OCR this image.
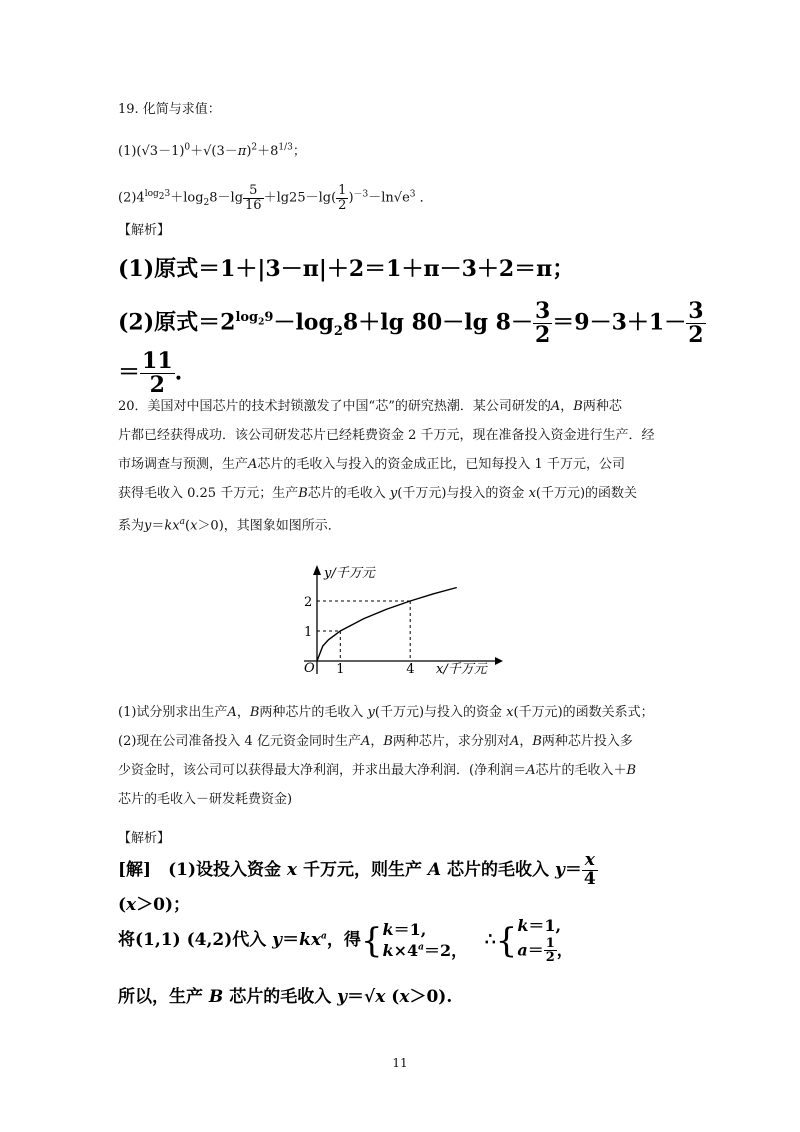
19. 化简与求值：
$(1)(√3-1)^0+√(3-\pi)^2+8^{1/3}$；
$(2)4^{log_23}+\log_28-\lg \frac{5}{16} +\lg 25-\lg( \frac{1}{2} )^{-3}-\ln√e^3$ ．
【解析】
(1)原式＝1＋|3－π|＋2＝1＋π－3＋2＝π；
(2)原式$=2^{log_29}-\log_28+\lg$ 80－lg $8- \frac{3}{2} =9-3+1- \frac{3}{2}$
＝ $\frac{11}{2}$ .
20．美国对中国芯片的技术封锁激发了中国“芯”的研究热潮．某公司研发的A，B两种芯
片都已经获得成功．该公司研发芯片已经耗费资金 2 千万元，现在准备投入资金进行生产．经
市场调查与预测，生产A芯片的毛收入与投入的资金成正比，已知每投入 1 千万元，公司
获得毛收入 0.25 千万元；生产B芯片的毛收入 y(千万元)与投入的资金 x(千万元)的函数关
系为$y=kx^a(x>0)$，其图象如图所示．
1	4
1
2
y/千万元
x/千万元
O
(1)试分别求出生产A，B两种芯片的毛收入 y(千万元)与投入的资金 x(千万元)的函数关系式；
(2)现在公司准备投入 4 亿元资金同时生产A，B两种芯片，求分别对A，B两种芯片投入多
少资金时，该公司可以获得最大净利润，并求出最大净利润．(净利润＝A芯片的毛收入＋B
芯片的毛收入－研发耗费资金)
【解析】
[解]　(1)设投入资金 x 千万元，则生产 A 芯片的毛收入 $y= \frac{x}{4}$
(x＞0)；
将(1,1) (4,2)代入 $y=kx^a$，得{ k＝1,
$k\times 4^a=2$， ∴{ k＝1,
$a= \frac{1}{2}$ ，
所以，生产 B 芯片的毛收入 y＝√x (x＞0).
11
